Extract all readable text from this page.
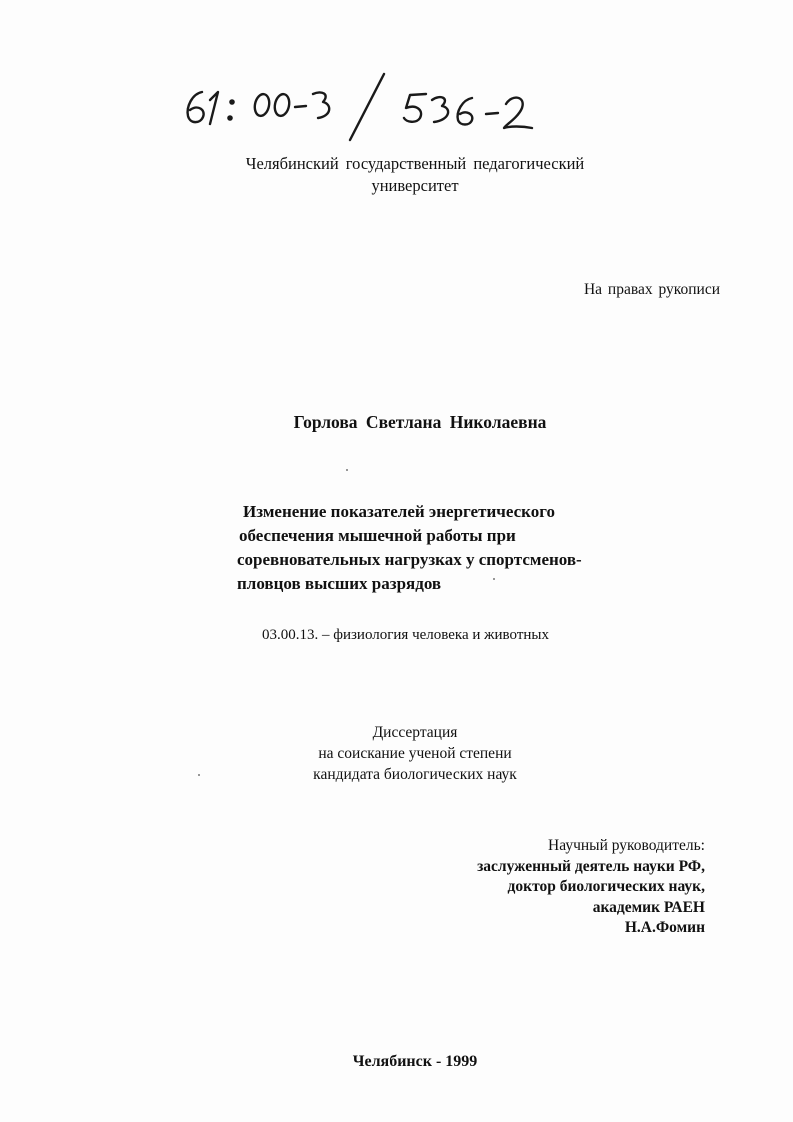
Челябинский государственный педагогический
университет
На правах рукописи
Горлова Светлана Николаевна
Изменение показателей энергетического
обеспечения мышечной работы при
соревновательных нагрузках у спортсменов-
пловцов высших разрядов
03.00.13. – физиология человека и животных
Диссертация
на соискание ученой степени
кандидата биологических наук
Научный руководитель:
заслуженный деятель науки РФ,
доктор биологических наук,
академик РАЕН
Н.А.Фомин
Челябинск - 1999
